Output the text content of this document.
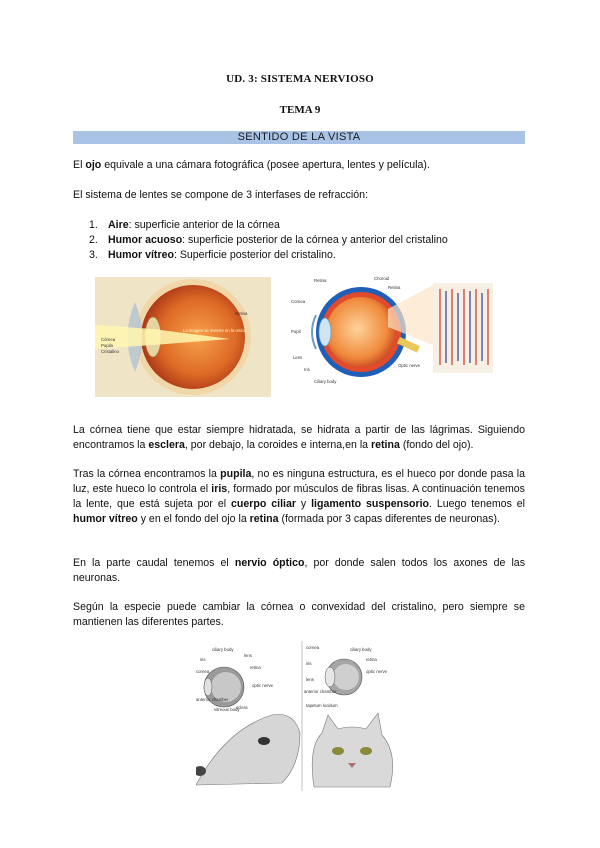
UD. 3: SISTEMA NERVIOSO
TEMA 9
SENTIDO DE LA VISTA
El ojo equivale a una cámara fotográfica (posee apertura, lentes y película).
El sistema de lentes se compone de 3 interfases de refracción:
1. Aire: superficie anterior de la córnea
2. Humor acuoso: superficie posterior de la córnea y anterior del cristalino
3. Humor vítreo: Superficie posterior del cristalino.
Retina
Córnea
Pupila
Cristalino
La imagen se invierte en la retina
Retina	Choroid
Retina
Cornea
Pupil
Lens
Iris
Ciliary body
Optic nerve
La córnea tiene que estar siempre hidratada, se hidrata a partir de las lágrimas. Siguiendo encontramos la esclera, por debajo, la coroides e interna,en la retina (fondo del ojo).
Tras la córnea encontramos la pupila, no es ninguna estructura, es el hueco por donde pasa la luz, este hueco lo controla el iris, formado por músculos de fibras lisas. A continuación tenemos la lente, que está sujeta por el cuerpo ciliar y ligamento suspensorio. Luego tenemos el humor vítreo y en el fondo del ojo la retina (formada por 3 capas diferentes de neuronas).
En la parte caudal tenemos el nervio óptico, por donde salen todos los axones de las neuronas.
Según la especie puede cambiar la córnea o convexidad del cristalino, pero siempre se mantienen las diferentes partes.
ciliary body
lens
iris
retina
cornea
optic nerve
anterior chamber
vitreous body
sclera
ciliary body
retina
cornea
optic nerve
iris
lens
anterior chamber
tapetum lucidum
